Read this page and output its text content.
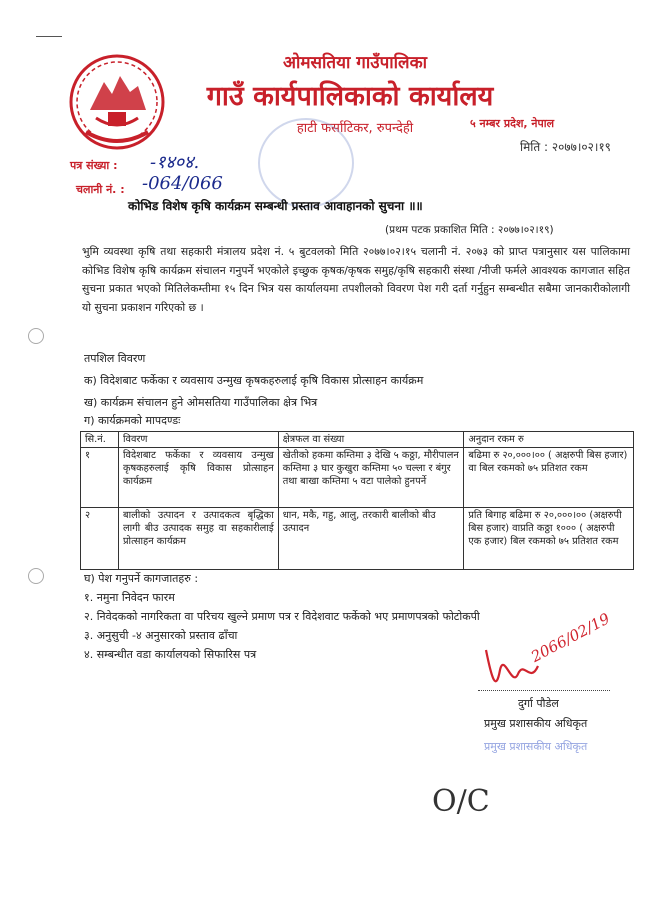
ओमसतिया गाउँपालिका
गाउँ कार्यपालिकाको कार्यालय
हाटी फर्साटिकर, रुपन्देही	५ नम्बर प्रदेश, नेपाल
मिति : २०७७।०२।१९
पत्र संख्या : -१४०४.
चलानी नं. : -064/066
कोभिड विशेष कृषि कार्यक्रम सम्बन्धी प्रस्ताव आवाहानको सुचना ॥॥
(प्रथम पटक प्रकाशित मिति : २०७७।०२।१९)
भुमि व्यवस्था कृषि तथा सहकारी मंत्रालय प्रदेश नं. ५ बुटवलको मिति २०७७।०२।१५ चलानी नं. २०७३ को प्राप्त पत्रानुसार यस पालिकामा कोभिड विशेष कृषि कार्यक्रम संचालन गनुपर्ने भएकोले इच्छुक कृषक/कृषक समुह/कृषि सहकारी संस्था /नीजी फर्मले आवश्यक कागजात सहित सुचना प्रकात भएको मितिलेकम्तीमा १५ दिन भित्र यस कार्यालयमा तपशीलको विवरण पेश गरी दर्ता गर्नुहुन सम्बन्धीत सबैमा जानकारीकोलागी यो सुचना प्रकाशन गरिएको छ ।
तपशिल विवरण
क) विदेशबाट फर्केका र व्यवसाय उन्मुख कृषकहरुलाई कृषि विकास प्रोत्साहन कार्यक्रम
ख) कार्यक्रम संचालन हुने ओमसतिया गाउँपालिका क्षेत्र भित्र
ग) कार्यक्रमको मापदण्डः
सि.नं.	विवरण	क्षेत्रफल वा संख्या	अनुदान रकम रु
१	विदेशबाट फर्केका र व्यवसाय उन्मुख कृषकहरुलाई कृषि विकास प्रोत्साहन कार्यक्रम	खेतीको हकमा कम्तिमा ३ देखि ५ कठ्ठा, मौरीपालन कम्तिमा ३ घार कुखुरा कम्तिमा ५० चल्ला र बंगुर तथा बाखा कम्तिमा ५ वटा पालेको हुनपर्ने	बढिमा रु २०,०००।०० ( अक्षरुपी बिस हजार) वा बिल रकमको ७५ प्रतिशत रकम
२	बालीको उत्पादन र उत्पादकत्व बृद्धिका लागी बीउ उत्पादक समुह वा सहकारीलाई प्रोत्साहन कार्यक्रम	धान, मकै, गहु, आलु, तरकारी बालीको बीउ उत्पादन	प्रति बिगाह बढिमा रु २०,०००।०० (अक्षरुपी बिस हजार) वाप्रति कठ्ठा १००० ( अक्षरुपी एक हजार) बिल रकमको ७५ प्रतिशत रकम
घ) पेश गनुपर्ने कागजातहरु :
१. नमुना निवेदन फारम
२. निवेदकको नागरिकता वा परिचय खुल्ने प्रमाण पत्र र विदेशवाट फर्केको भए प्रमाणपत्रको फोटोकपी
३. अनुसुची -४ अनुसारको प्रस्ताव ढाँचा
४. सम्बन्धीत वडा कार्यालयको सिफारिस पत्र	2066/02/19
दुर्गा पौडेल
प्रमुख प्रशासकीय अधिकृत
प्रमुख प्रशासकीय अधिकृत
O/C
